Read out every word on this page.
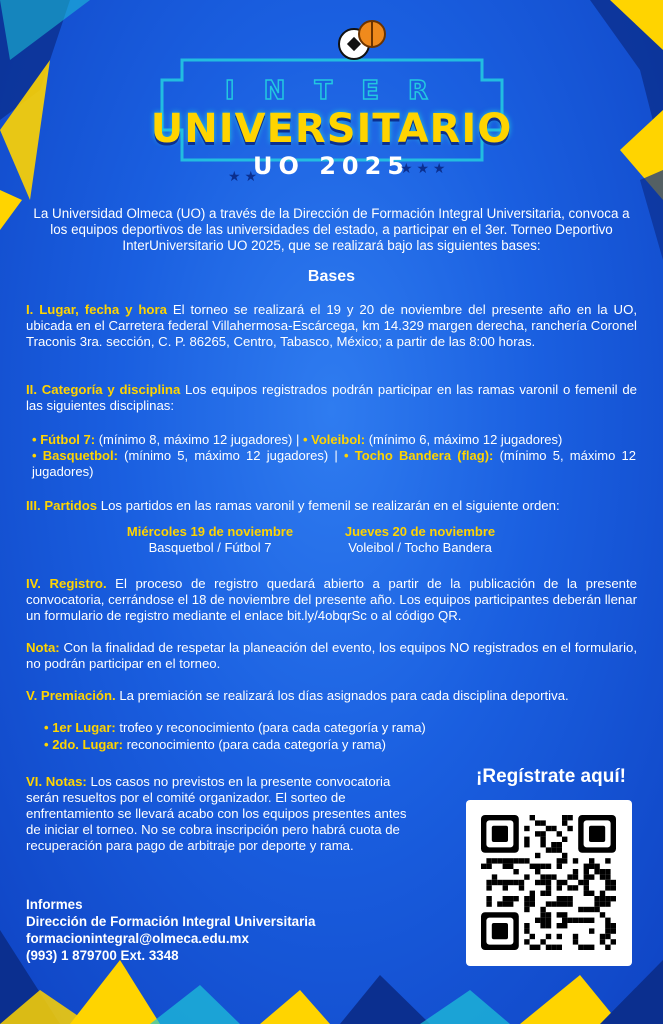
I N T E R
UNIVERSITARIO
UO 2025
★ ★	★ ★ ★

La Universidad Olmeca (UO) a través de la Dirección de Formación Integral Universitaria, convoca a los equipos deportivos de las universidades del estado, a participar en el 3er. Torneo Deportivo InterUniversitario UO 2025, que se realizará bajo las siguientes bases:

Bases

I. Lugar, fecha y hora El torneo se realizará el 19 y 20 de noviembre del presente año en la UO, ubicada en el Carretera federal Villahermosa-Escárcega, km 14.329 margen derecha, ranchería Coronel Traconis 3ra. sección, C. P. 86265, Centro, Tabasco, México; a partir de las 8:00 horas.

II. Categoría y disciplina Los equipos registrados podrán participar en las ramas varonil o femenil de las siguientes disciplinas:

• Fútbol 7: (mínimo 8, máximo 12 jugadores) | • Voleibol: (mínimo 6, máximo 12 jugadores)
• Basquetbol: (mínimo 5, máximo 12 jugadores) | • Tocho Bandera (flag): (mínimo 5, máximo 12 jugadores)

III. Partidos Los partidos en las ramas varonil y femenil se realizarán en el siguiente orden:

Miércoles 19 de noviembre
Basquetbol / Fútbol 7
Jueves 20 de noviembre
Voleibol / Tocho Bandera

IV. Registro. El proceso de registro quedará abierto a partir de la publicación de la presente convocatoria, cerrándose el 18 de noviembre del presente año. Los equipos participantes deberán llenar un formulario de registro mediante el enlace bit.ly/4obqrSc o al código QR.

Nota: Con la finalidad de respetar la planeación del evento, los equipos NO registrados en el formulario, no podrán participar en el torneo.

V. Premiación. La premiación se realizará los días asignados para cada disciplina deportiva.

• 1er Lugar: trofeo y reconocimiento (para cada categoría y rama)
• 2do. Lugar: reconocimiento (para cada categoría y rama)

VI. Notas: Los casos no previstos en la presente convocatoria serán resueltos por el comité organizador. El sorteo de enfrentamiento se llevará acabo con los equipos presentes antes de iniciar el torneo. No se cobra inscripción pero habrá cuota de recuperación para pago de arbitraje por deporte y rama.

¡Regístrate aquí!
Informes
Dirección de Formación Integral Universitaria
formacionintegral@olmeca.edu.mx
(993) 1 879700 Ext. 3348
